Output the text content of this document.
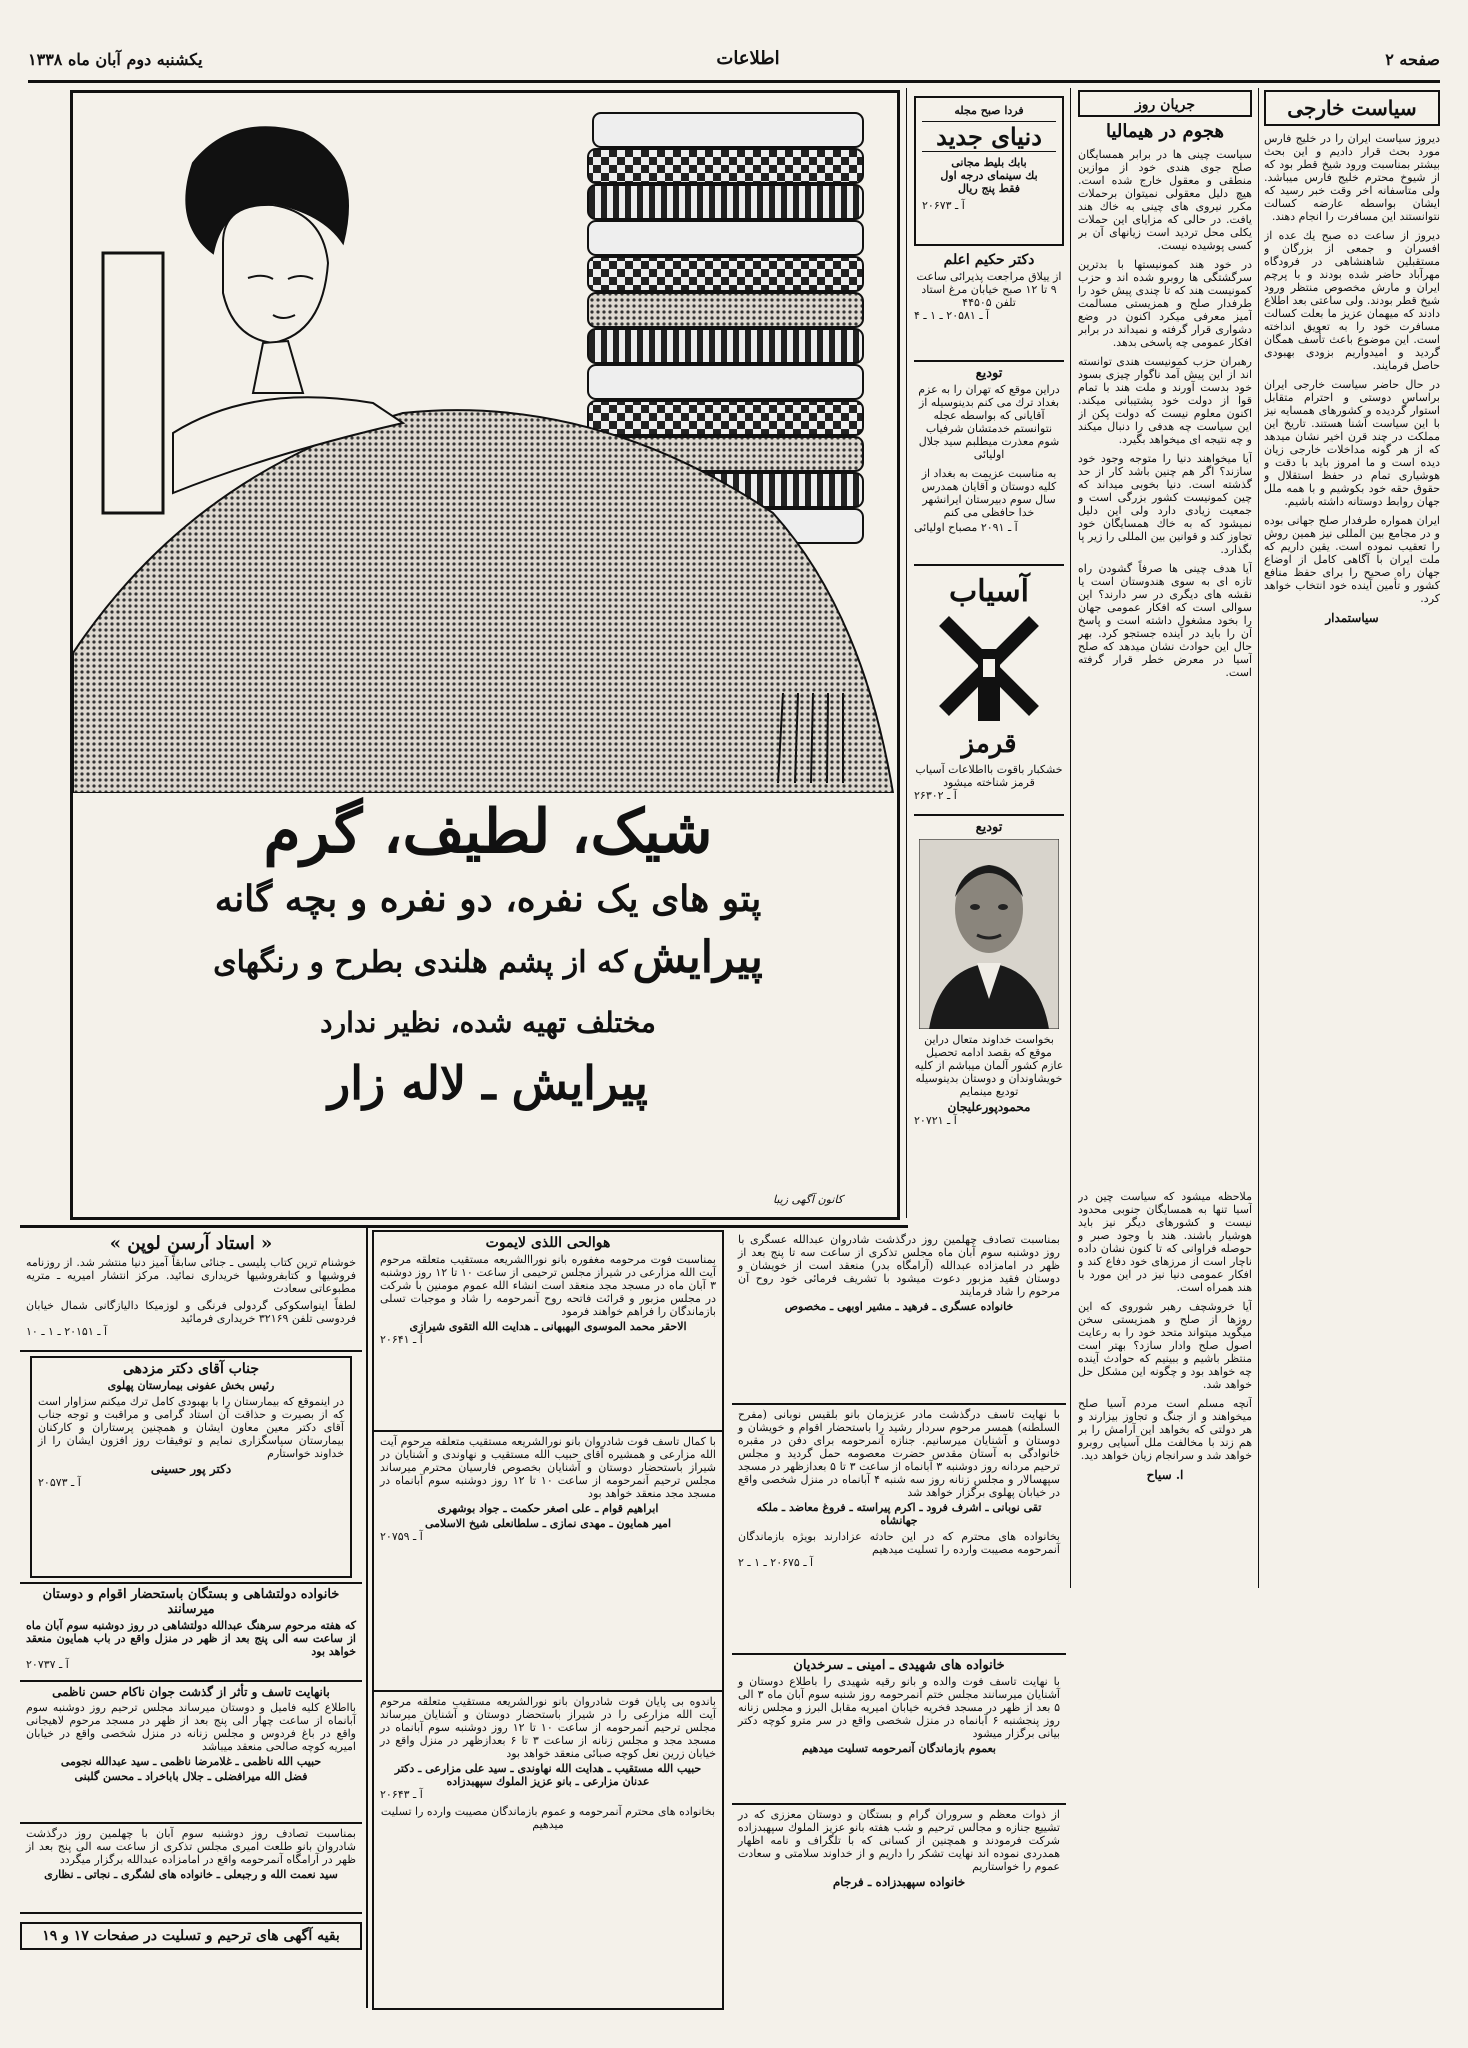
صفحه ۲
اطلاعات
یکشنبه دوم آبان ماه ۱۳۳۸
سیاست خارجی

دیروز سیاست ایران را در خلیج فارس مورد بحث قرار دادیم و این بحث بیشتر بمناسبت ورود شیخ قطر بود که از شیوخ محترم خلیج فارس میباشد. ولی متاسفانه اخر وقت خبر رسید که ایشان بواسطه عارضه کسالت نتوانستند این مسافرت را انجام دهند.

دیروز از ساعت ده صبح یك عده از افسران و جمعی از بزرگان و مستقبلین شاهنشاهی در فرودگاه مهرآباد حاضر شده بودند و با پرچم ایران و مارش مخصوص منتظر ورود شیخ قطر بودند. ولی ساعتی بعد اطلاع دادند که میهمان عزیز ما بعلت کسالت مسافرت خود را به تعویق انداخته است. این موضوع باعث تأسف همگان گردید و امیدواریم بزودی بهبودی حاصل فرمایند.

در حال حاضر سیاست خارجی ایران براساس دوستی و احترام متقابل استوار گردیده و کشورهای همسایه نیز با این سیاست آشنا هستند. تاریخ این مملکت در چند قرن اخیر نشان میدهد که از هر گونه مداخلات خارجی زیان دیده است و ما امروز باید با دقت و هوشیاری تمام در حفظ استقلال و حقوق حقه خود بکوشیم و با همه ملل جهان روابط دوستانه داشته باشیم.

ایران همواره طرفدار صلح جهانی بوده و در مجامع بین المللی نیز همین روش را تعقیب نموده است. یقین داریم که ملت ایران با آگاهی کامل از اوضاع جهان راه صحیح را برای حفظ منافع کشور و تأمین آینده خود انتخاب خواهد کرد.

سیاستمدار
جریان روز
هجوم در هیمالیا

سیاست چینی ها در برابر همسایگان صلح جوی هندی خود از موازین منطقی و معقول خارج شده است. هیچ دلیل معقولی نمیتوان برحملات مکرر نیروی های چینی به خاك هند یافت. در حالی که مزایای این حملات یکلی محل تردید است زیانهای آن بر کسی پوشیده نیست.

در خود هند کمونیستها با بدترین سرگشتگی ها روبرو شده اند و حزب کمونیست هند که تا چندی پیش خود را طرفدار صلح و همزیستی مسالمت آمیز معرفی میکرد اکنون در وضع دشواری قرار گرفته و نمیداند در برابر افکار عمومی چه پاسخی بدهد.

رهبران حزب کمونیست هندی توانسته اند از این پیش آمد ناگوار چیزی بسود خود بدست آورند و ملت هند با تمام قوا از دولت خود پشتیبانی میکند. اکنون معلوم نیست که دولت پکن از این سیاست چه هدفی را دنبال میکند و چه نتیجه ای میخواهد بگیرد.

آیا میخواهند دنیا را متوجه وجود خود سازند؟ اگر هم چنین باشد کار از حد گذشته است. دنیا بخوبی میداند که چین کمونیست کشور بزرگی است و جمعیت زیادی دارد ولی این دلیل نمیشود که به خاك همسایگان خود تجاوز کند و قوانین بین المللی را زیر پا بگذارد.

آیا هدف چینی ها صرفاً گشودن راه تازه ای به سوی هندوستان است یا نقشه های دیگری در سر دارند؟ این سوالی است که افکار عمومی جهان را بخود مشغول داشته است و پاسخ آن را باید در آینده جستجو کرد. بهر حال این حوادث نشان میدهد که صلح آسیا در معرض خطر قرار گرفته است.

ملاحظه میشود که سیاست چین در آسیا تنها به همسایگان جنوبی محدود نیست و کشورهای دیگر نیز باید هوشیار باشند. هند با وجود صبر و حوصله فراوانی که تا کنون نشان داده ناچار است از مرزهای خود دفاع کند و افکار عمومی دنیا نیز در این مورد با هند همراه است.

آیا خروشچف رهبر شوروی که این روزها از صلح و همزیستی سخن میگوید میتواند متحد خود را به رعایت اصول صلح وادار سازد؟ بهتر است منتظر باشیم و ببینیم که حوادث آینده چه خواهد بود و چگونه این مشکل حل خواهد شد.

آنچه مسلم است مردم آسیا صلح میخواهند و از جنگ و تجاوز بیزارند و هر دولتی که بخواهد این آرامش را بر هم زند با مخالفت ملل آسیایی روبرو خواهد شد و سرانجام زیان خواهد دید.

ا. سیاح
فردا صبح مجله
دنیای جدید
بابك بلیط مجانی
بك سینمای درجه اول
فقط پنج ریال
آ ـ ۲۰۶۷۳
دکتر حکیم اعلم
از ییلاق مراجعت پذیرائی ساعت ۹ تا ۱۲ صبح خیابان مرغ استاد تلفن ۴۴۵۰۵
آ ـ ۲۰۵۸۱ ـ ۱ ـ ۴
تودیع
دراین موقع که تهران را به عزم بغداد ترك می کنم بدینوسیله از آقایانی که بواسطه عجله نتوانستم خدمتشان شرفیاب شوم معذرت میطلبم سید جلال اولیائی
به مناسبت عزیمت به بغداد از کلیه دوستان و آقایان همدرس سال سوم دبیرستان ایرانشهر خدا حافظی می کنم
آ ـ ۲۰۹۱ مصباح اولیائی
آسیاب
قرمز
خشکبار باقوت بااطلاعات آسیاب قرمز شناخته میشود
آ ـ ۲۶۳۰۲
تودیع
بخواست خداوند متعال دراین موقع که بقصد ادامه تحصیل عازم کشور آلمان میباشم از کلیه خویشاوندان و دوستان بدینوسیله تودیع مینمایم
محمودپورعلیجان
آ ـ ۲۰۷۲۱
شیک، لطیف، گرم
پتو های یک نفره، دو نفره و بچه گانه
پیرایش که از پشم هلندی بطرح و رنگهای
مختلف تهیه شده، نظیر ندارد
پیرایش ـ لاله زار
کانون آگهی زیبا
« استاد آرسن لوپن »

خوشنام ترین کتاب پلیسی ـ جنائی سابقاً آمیز دنیا منتشر شد. از روزنامه فروشیها و کتابفروشیها خریداری نمائید. مرکز انتشار امیریه ـ متریه مطبوعاتی سعادت

لطفاً اینواسکوکی گردولی فرنگی و لوزمیکا دالیازگانی شمال خیابان فردوسی تلفن ۳۲۱۶۹ خریداری فرمائید

آ ـ ۲۰۱۵۱ ـ ۱ ـ ۱۰
جناب آقای دکتر مزدهی
رئیس بخش عفونی بیمارستان پهلوی

در اینموقع که بیمارستان را با بهبودی کامل ترك میکنم سزاوار است که از بصیرت و حذاقت آن استاد گرامی و مراقبت و توجه جناب آقای دکتر معین معاون ایشان و همچنین پرستاران و کارکنان بیمارستان سپاسگزاری نمایم و توفیقات روز افزون ایشان را از خداوند خواستارم

دکتر پور حسینی
آ ـ ۲۰۵۷۳
خانواده دولتشاهی و بستگان باستحضار اقوام و دوستان میرسانند

که هفته مرحوم سرهنگ عبدالله دولتشاهی در روز دوشنبه سوم آبان ماه از ساعت سه الی پنج بعد از ظهر در منزل واقع در باب همایون منعقد خواهد بود

آ ـ ۲۰۷۳۷
بانهایت تاسف و تأثر از گذشت جوان ناکام حسن ناظمی

بااطلاع کلیه فامیل و دوستان میرساند مجلس ترحیم روز دوشنبه سوم آبانماه از ساعت چهار الی پنج بعد از ظهر در مسجد مرحوم لاهیجانی واقع در باغ فردوس و مجلس زنانه در منزل شخصی واقع در خیابان امیریه کوچه صالحی منعقد میباشد

حبیب الله ناظمی ـ غلامرضا ناظمی ـ سید عبدالله نجومی
فضل الله میرافضلی ـ جلال باباخراد ـ محسن گلبنی

بمناسبت تصادف روز دوشنبه سوم آبان با چهلمین روز درگذشت شادروان بانو طلعت امیری مجلس تذکری از ساعت سه الی پنج بعد از ظهر در آرامگاه آنمرحومه واقع در امامزاده عبدالله برگزار میگردد

سید نعمت الله و رجبعلی ـ خانواده های لشگری ـ نجاتی ـ نظاری
بقیه آگهی های ترحیم و تسلیت در صفحات ۱۷ و ۱۹
هوالحی اللذی لایموت

بمناسبت فوت مرحومه مغفوره بانو نوراالشریعه مستقیب متعلقه مرحوم آیت الله مزارعی در شیراز مجلس ترحیمی از ساعت ۱۰ تا ۱۲ روز دوشنبه ۳ آبان ماه در مسجد مجد منعقد است انشاء الله عموم مومنین با شرکت در مجلس مزبور و قرائت فاتحه روح آنمرحومه را شاد و موجبات تسلی بازماندگان را فراهم خواهند فرمود

الاحقر محمد الموسوی البهبهانی ـ هدایت الله التقوی شیرازی
آ ـ ۲۰۶۴۱

با کمال تاسف فوت شادروان بانو نورالشریعه مستقیب متعلقه مرحوم آیت الله مزارعی و همشیره آقای حبیب الله مستقیب و نهاوندی و آشنایان در شیراز باستحضار دوستان و آشنایان بخصوص فارسیان محترم میرساند مجلس ترحیم آنمرحومه از ساعت ۱۰ تا ۱۲ روز دوشنبه سوم آبانماه در مسجد مجد منعقد خواهد بود

ابراهیم قوام ـ علی اصغر حکمت ـ جواد بوشهری
امیر همایون ـ مهدی نمازی ـ سلطانعلی شیخ الاسلامی
آ ـ ۲۰۷۵۹

باندوه بی پایان فوت شادروان بانو نورالشریعه مستقیب متعلقه مرحوم آیت الله مزارعی را در شیراز باستحضار دوستان و آشنایان میرساند مجلس ترحیم آنمرحومه از ساعت ۱۰ تا ۱۲ روز دوشنبه سوم آبانماه در مسجد مجد و مجلس زنانه از ساعت ۳ تا ۶ بعدازظهر در منزل واقع در خیابان زرین نعل کوچه صبائی منعقد خواهد بود

حبیب الله مستقیب ـ هدایت الله نهاوندی ـ سید علی مزارعی ـ دکتر عدنان مزارعی ـ بانو عزیز الملوك سپهبدزاده
آ ـ ۲۰۶۴۳
بخانواده های محترم آنمرحومه و عموم بازماندگان مصیبت وارده را تسلیت میدهیم

بمناسبت تصادف چهلمین روز درگذشت شادروان عبدالله عسگری با روز دوشنبه سوم آبان ماه مجلس تذکری از ساعت سه تا پنج بعد از ظهر در امامزاده عبدالله (آرامگاه بدر) منعقد است از خویشان و دوستان فقید مزبور دعوت میشود با تشریف فرمائی خود روح آن مرحوم را شاد فرمایند

خانواده عسگری ـ فرهید ـ مشیر اوبهی ـ مخصوص

با نهایت تاسف درگذشت مادر عزیزمان بانو بلقیس نوبانی (مفرح السلطنه) همسر مرحوم سردار رشید را باستحضار اقوام و خویشان و دوستان و آشنایان میرسانیم. جنازه آنمرحومه برای دفن در مقبره خانوادگی به آستان مقدس حضرت معصومه حمل گردید و مجلس ترحیم مردانه روز دوشنبه ۳ آبانماه از ساعت ۳ تا ۵ بعدازظهر در مسجد سپهسالار و مجلس زنانه روز سه شنبه ۴ آبانماه در منزل شخصی واقع در خیابان پهلوی برگزار خواهد شد

تقی نوبانی ـ اشرف فرود ـ اکرم پیراسته ـ فروغ معاضد ـ ملکه جهانشاه

بخانواده های محترم که در این حادثه عزادارند بویژه بازماندگان آنمرحومه مصیبت وارده را تسلیت میدهیم

آ ـ ۲۰۶۷۵ ـ ۱ ـ ۲
خانواده های شهیدی ـ امینی ـ سرخدیان

با نهایت تاسف فوت والده و بانو رقیه شهیدی را باطلاع دوستان و آشنایان میرسانند مجلس ختم آنمرحومه روز شنبه سوم آبان ماه ۳ الی ۵ بعد از ظهر در مسجد فخریه خیابان امیریه مقابل البرز و مجلس زنانه روز پنجشنبه ۶ آبانماه در منزل شخصی واقع در سر مترو کوچه دکتر بیانی برگزار میشود

بعموم بازماندگان آنمرحومه تسلیت میدهیم

از ذوات معظم و سروران گرام و بستگان و دوستان معززی که در تشییع جنازه و مجالس ترحیم و شب هفته بانو عزیز الملوك سپهبدزاده شرکت فرمودند و همچنین از کسانی که با تلگراف و نامه اظهار همدردی نموده اند نهایت تشکر را داریم و از خداوند سلامتی و سعادت عموم را خواستاریم

خانواده سپهبدزاده ـ فرجام
